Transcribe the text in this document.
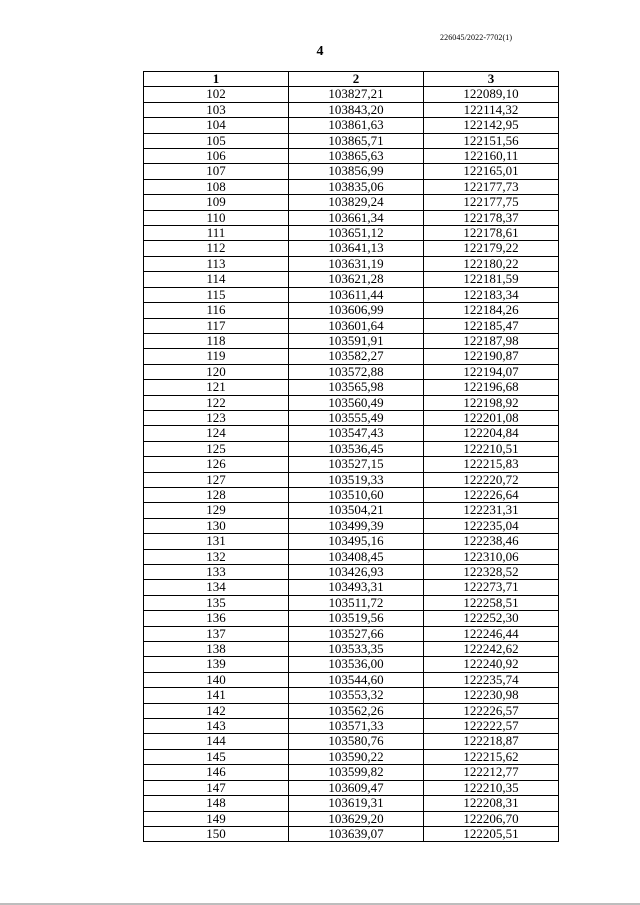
226045/2022-7702(1)
4
1	2	3
102	103827,21	122089,10
103	103843,20	122114,32
104	103861,63	122142,95
105	103865,71	122151,56
106	103865,63	122160,11
107	103856,99	122165,01
108	103835,06	122177,73
109	103829,24	122177,75
110	103661,34	122178,37
111	103651,12	122178,61
112	103641,13	122179,22
113	103631,19	122180,22
114	103621,28	122181,59
115	103611,44	122183,34
116	103606,99	122184,26
117	103601,64	122185,47
118	103591,91	122187,98
119	103582,27	122190,87
120	103572,88	122194,07
121	103565,98	122196,68
122	103560,49	122198,92
123	103555,49	122201,08
124	103547,43	122204,84
125	103536,45	122210,51
126	103527,15	122215,83
127	103519,33	122220,72
128	103510,60	122226,64
129	103504,21	122231,31
130	103499,39	122235,04
131	103495,16	122238,46
132	103408,45	122310,06
133	103426,93	122328,52
134	103493,31	122273,71
135	103511,72	122258,51
136	103519,56	122252,30
137	103527,66	122246,44
138	103533,35	122242,62
139	103536,00	122240,92
140	103544,60	122235,74
141	103553,32	122230,98
142	103562,26	122226,57
143	103571,33	122222,57
144	103580,76	122218,87
145	103590,22	122215,62
146	103599,82	122212,77
147	103609,47	122210,35
148	103619,31	122208,31
149	103629,20	122206,70
150	103639,07	122205,51
